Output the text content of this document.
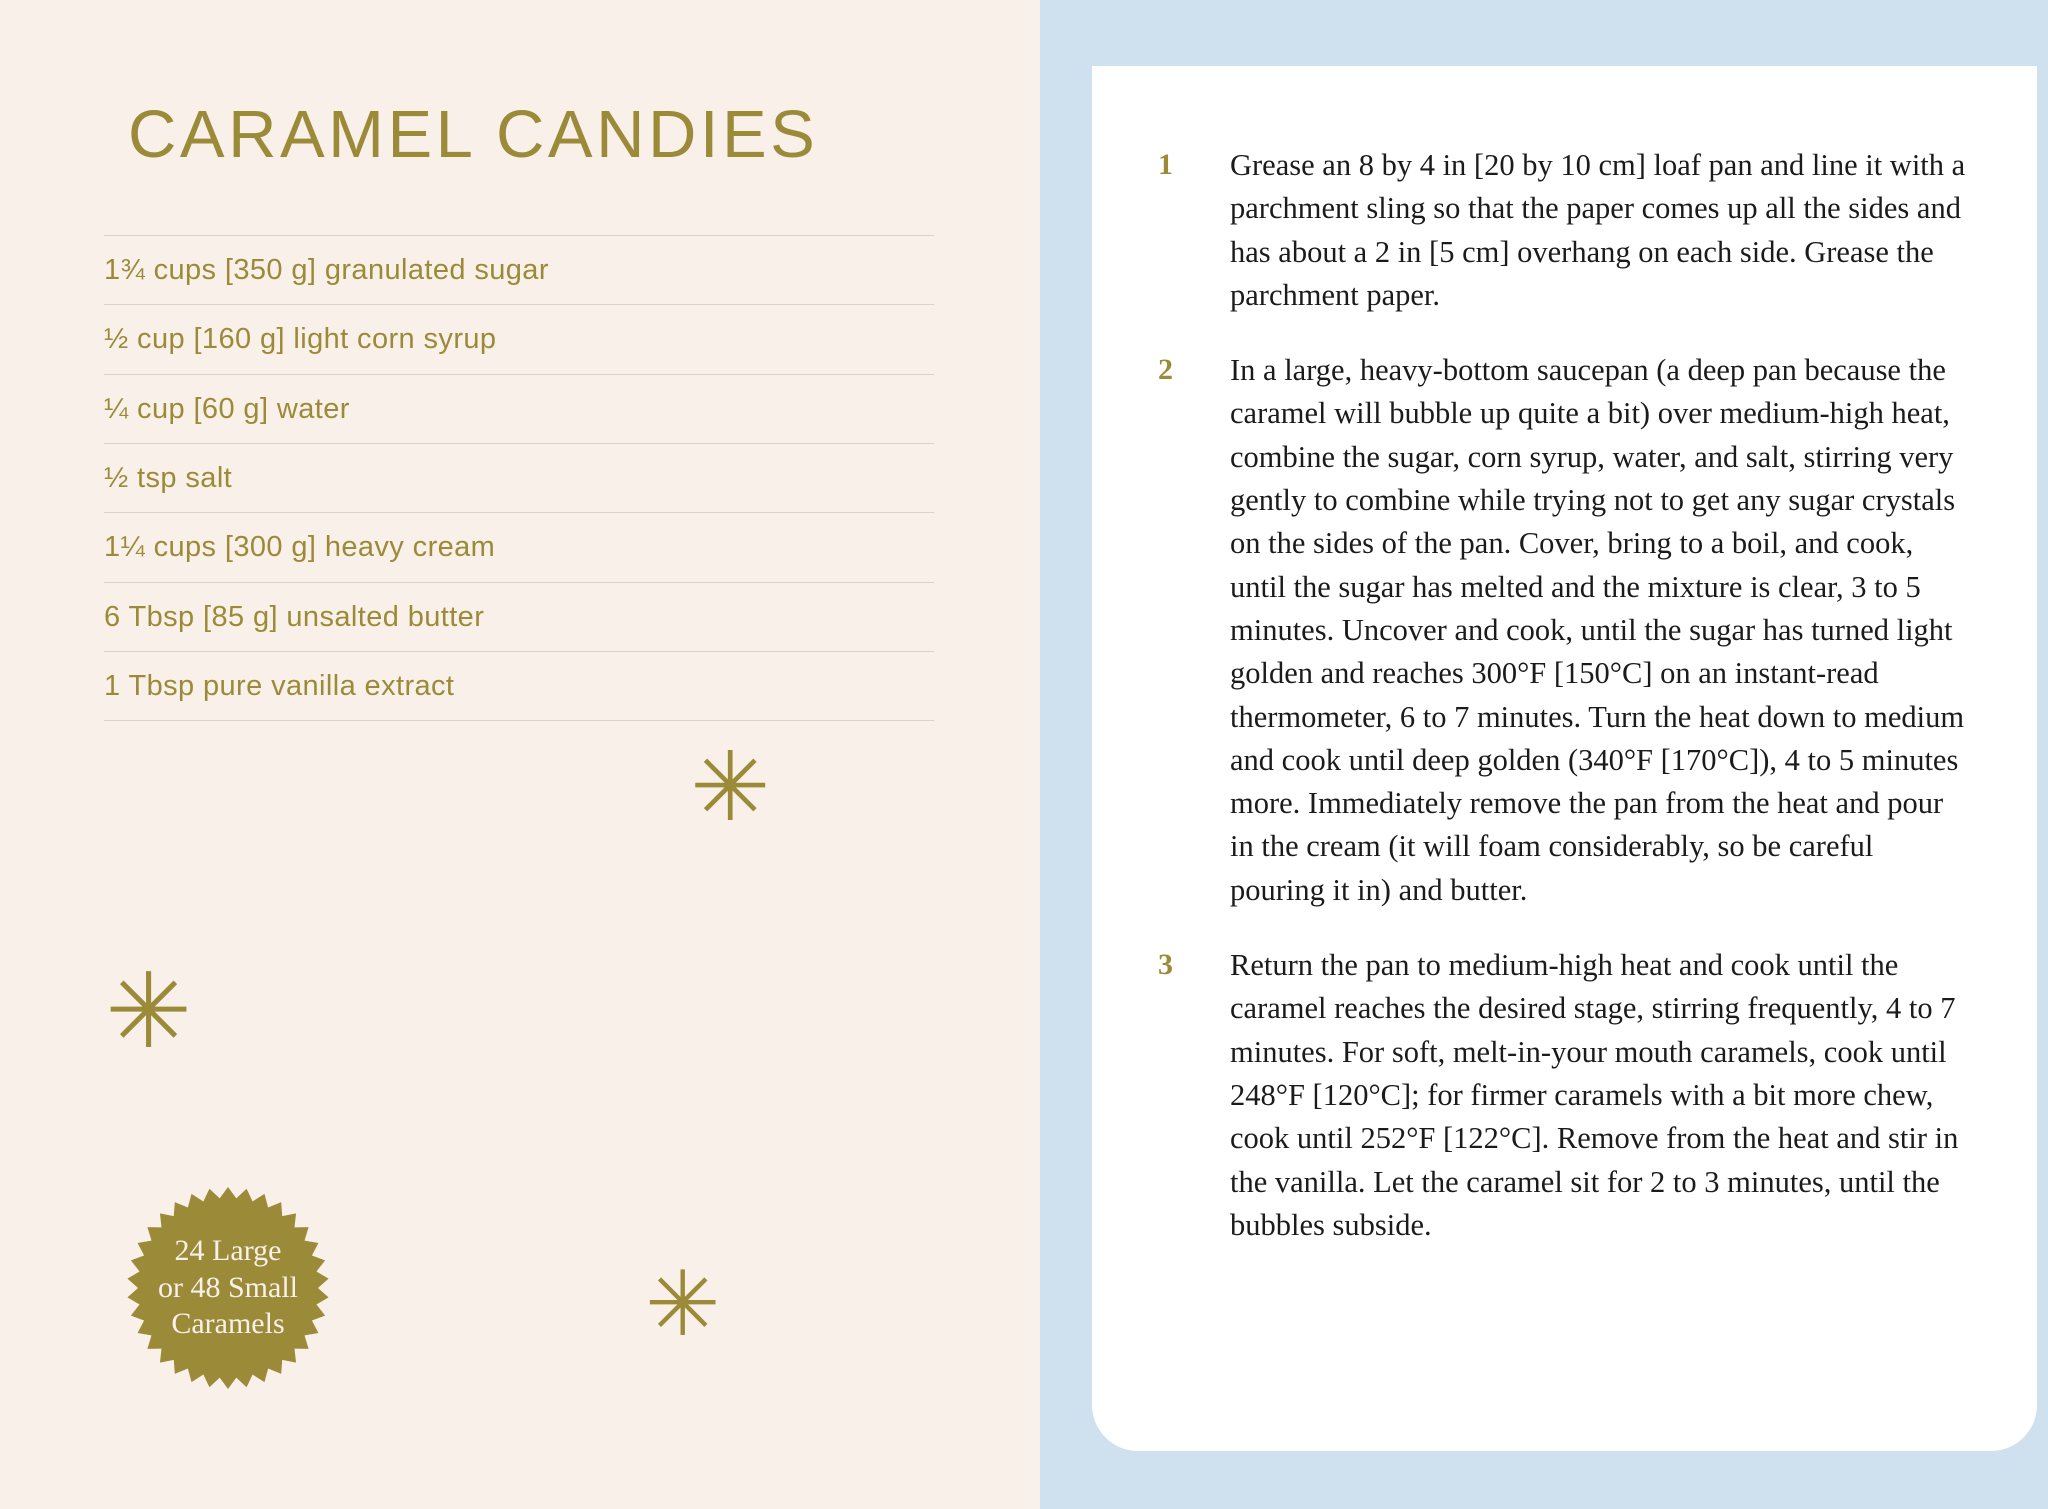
CARAMEL CANDIES
1¾ cups [350 g] granulated sugar
½ cup [160 g] light corn syrup
¼ cup [60 g] water
½ tsp salt
1¼ cups [300 g] heavy cream
6 Tbsp [85 g] unsalted butter
1 Tbsp pure vanilla extract
✳
✳
✳
24 Large
or 48 Small
Caramels
1	Grease an 8 by 4 in [20 by 10 cm] loaf pan and line it with a parchment sling so that the paper comes up all the sides and has about a 2 in [5 cm] overhang on each side. Grease the parchment paper.
2	In a large, heavy-bottom saucepan (a deep pan because the caramel will bubble up quite a bit) over medium-high heat, combine the sugar, corn syrup, water, and salt, stirring very gently to combine while trying not to get any sugar crystals on the sides of the pan. Cover, bring to a boil, and cook, until the sugar has melted and the mixture is clear, 3 to 5 minutes. Uncover and cook, until the sugar has turned light golden and reaches 300°F [150°C] on an instant-read thermometer, 6 to 7 minutes. Turn the heat down to medium and cook until deep golden (340°F [170°C]), 4 to 5 minutes more. Immediately remove the pan from the heat and pour in the cream (it will foam considerably, so be careful pouring it in) and butter.
3	Return the pan to medium-high heat and cook until the caramel reaches the desired stage, stirring frequently, 4 to 7 minutes. For soft, melt-in-your mouth caramels, cook until 248°F [120°C]; for firmer caramels with a bit more chew, cook until 252°F [122°C]. Remove from the heat and stir in the vanilla. Let the caramel sit for 2 to 3 minutes, until the bubbles subside.
